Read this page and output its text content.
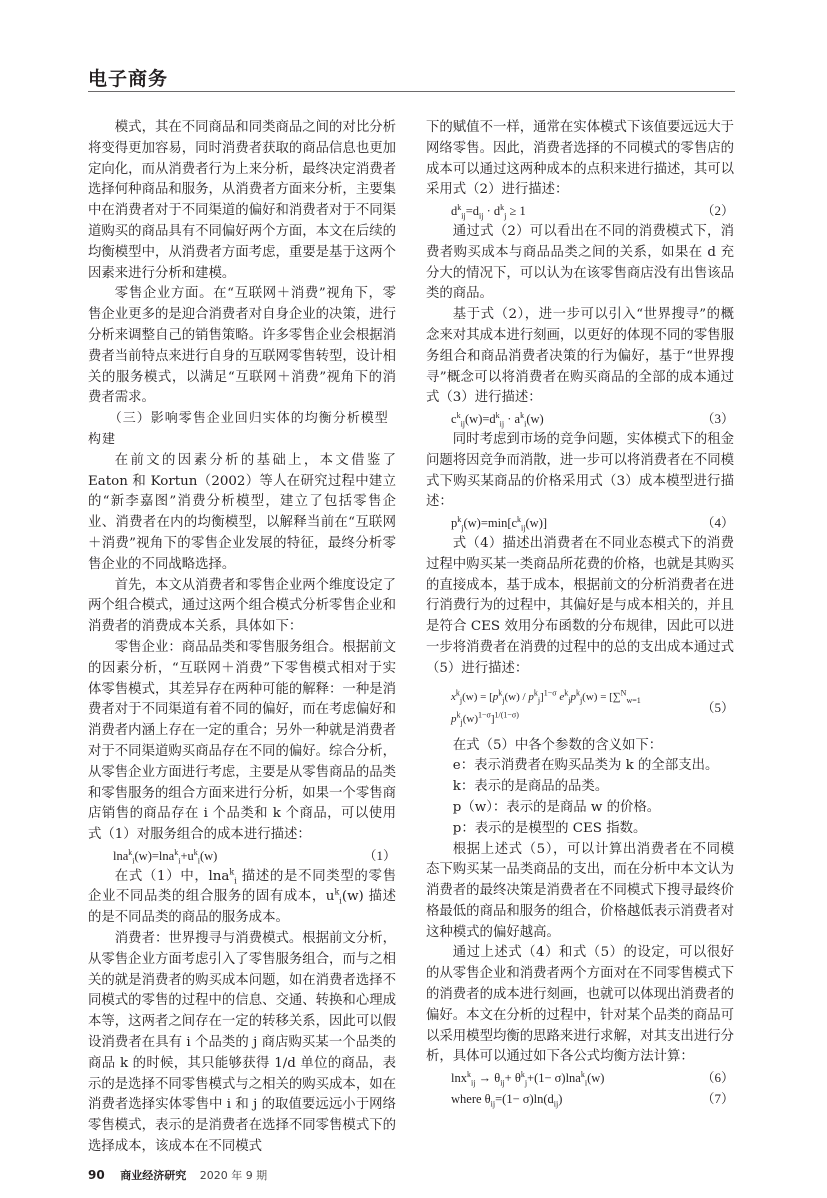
电子商务

模式，其在不同商品和同类商品之间的对比分析将变得更加容易，同时消费者获取的商品信息也更加定向化，而从消费者行为上来分析，最终决定消费者选择何种商品和服务，从消费者方面来分析，主要集中在消费者对于不同渠道的偏好和消费者对于不同渠道购买的商品具有不同偏好两个方面，本文在后续的均衡模型中，从消费者方面考虑，重要是基于这两个因素来进行分析和建模。

零售企业方面。在“互联网＋消费”视角下，零售企业更多的是迎合消费者对自身企业的决策，进行分析来调整自己的销售策略。许多零售企业会根据消费者当前特点来进行自身的互联网零售转型，设计相关的服务模式，以满足“互联网＋消费”视角下的消费者需求。

（三）影响零售企业回归实体的均衡分析模型构建

在前文的因素分析的基础上，本文借鉴了 Eaton 和 Kortun（2002）等人在研究过程中建立的“新李嘉图”消费分析模型，建立了包括零售企业、消费者在内的均衡模型，以解释当前在“互联网＋消费”视角下的零售企业发展的特征，最终分析零售企业的不同战略选择。

首先，本文从消费者和零售企业两个维度设定了两个组合模式，通过这两个组合模式分析零售企业和消费者的消费成本关系，具体如下：

零售企业：商品品类和零售服务组合。根据前文的因素分析，“互联网＋消费”下零售模式相对于实体零售模式，其差异存在两种可能的解释：一种是消费者对于不同渠道有着不同的偏好，而在考虑偏好和消费者内涵上存在一定的重合；另外一种就是消费者对于不同渠道购买商品存在不同的偏好。综合分析，从零售企业方面进行考虑，主要是从零售商品的品类和零售服务的组合方面来进行分析，如果一个零售商店销售的商品存在 i 个品类和 k 个商品，可以使用式（1）对服务组合的成本进行描述：

$\ln a^k_i(w)=\ln a^k_i+u^k_i(w)$	（1）

在式（1）中，lna$^k_i$ 描述的是不同类型的零售企业不同品类的组合服务的固有成本，$u^k_i(w)$ 描述的是不同品类的商品的服务成本。

消费者：世界搜寻与消费模式。根据前文分析，从零售企业方面考虑引入了零售服务组合，而与之相关的就是消费者的购买成本问题，如在消费者选择不同模式的零售的过程中的信息、交通、转换和心理成本等，这两者之间存在一定的转移关系，因此可以假设消费者在具有 i 个品类的 j 商店购买某一个品类的商品 k 的时候，其只能够获得 1/d 单位的商品，表示的是选择不同零售模式与之相关的购买成本，如在消费者选择实体零售中 i 和 j 的取值要远远小于网络零售模式，表示的是消费者在选择不同零售模式下的选择成本，该成本在不同模式

下的赋值不一样，通常在实体模式下该值要远远大于网络零售。因此，消费者选择的不同模式的零售店的成本可以通过这两种成本的点积来进行描述，其可以采用式（2）进行描述：

$d^k_{ij}=d_{ij} \cdot d^k_j \ge 1$	（2）

通过式（2）可以看出在不同的消费模式下，消费者购买成本与商品品类之间的关系，如果在 d 充分大的情况下，可以认为在该零售商店没有出售该品类的商品。

基于式（2），进一步可以引入“世界搜寻”的概念来对其成本进行刻画，以更好的体现不同的零售服务组合和商品消费者决策的行为偏好，基于“世界搜寻”概念可以将消费者在购买商品的全部的成本通过式（3）进行描述：

$c^k_{ij}(w)=d^k_{ij} \cdot a^k_i(w)$	（3）

同时考虑到市场的竞争问题，实体模式下的租金问题将因竞争而消散，进一步可以将消费者在不同模式下购买某商品的价格采用式（3）成本模型进行描述：

$p^k_j(w)=\min[c^k_{ij}(w)]$	（4）

式（4）描述出消费者在不同业态模式下的消费过程中购买某一类商品所花费的价格，也就是其购买的直接成本，基于成本，根据前文的分析消费者在进行消费行为的过程中，其偏好是与成本相关的，并且是符合 CES 效用分布函数的分布规律，因此可以进一步将消费者在消费的过程中的总的支出成本通过式（5）进行描述：

$x^k_j(w) = [p^k_j(w) / p^k_j]^{1-\sigma}$ $e^k_jp^k_j(w) = [\sum^N_{w=1}$ $p^k_j(w)^{1-\sigma}]^{1/(1-\sigma)}$	（5）

在式（5）中各个参数的含义如下：

e：表示消费者在购买品类为 k 的全部支出。

k：表示的是商品的品类。

p（w）：表示的是商品 w 的价格。

p：表示的是模型的 CES 指数。

根据上述式（5），可以计算出消费者在不同模态下购买某一品类商品的支出，而在分析中本文认为消费者的最终决策是消费者在不同模式下搜寻最终价格最低的商品和服务的组合，价格越低表示消费者对这种模式的偏好越高。

通过上述式（4）和式（5）的设定，可以很好的从零售企业和消费者两个方面对在不同零售模式下的消费者的成本进行刻画，也就可以体现出消费者的偏好。本文在分析的过程中，针对某个品类的商品可以采用模型均衡的思路来进行求解，对其支出进行分析，具体可以通过如下各公式均衡方法计算：

$\ln x^k_{ij} \to \theta_{ij}+ \theta^k_j+(1- \sigma)\ln a^k_i(w)$	（6）
where $\theta_{ij}=(1- \sigma)\ln(d_{ij})$	（7）
90 商业经济研究 2020 年 9 期
